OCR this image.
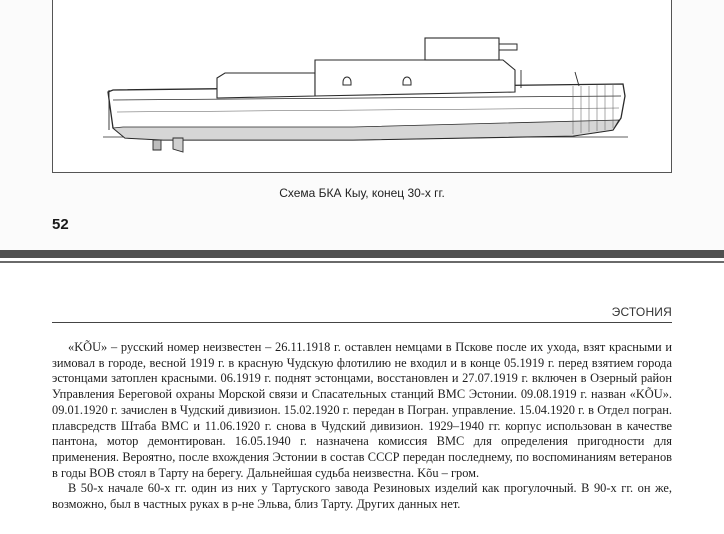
Схема БКА Кыу, конец 30-х гг.
52
ЭСТОНИЯ

«KÕU» – русский номер неизвестен – 26.11.1918 г. оставлен немцами в Пскове после их ухода, взят красными и зимовал в городе, весной 1919 г. в красную Чудскую флотилию не входил и в конце 05.1919 г. перед взятием города эстонцами затоплен красными. 06.1919 г. поднят эстонцами, восстановлен и 27.07.1919 г. включен в Озерный район Управления Береговой охраны Морской связи и Спасательных станций ВМС Эстонии. 09.08.1919 г. назван «KÕU». 09.01.1920 г. зачислен в Чудский дивизион. 15.02.1920 г. передан в Погран. управление. 15.04.1920 г. в Отдел погран. плавсредств Штаба ВМС и 11.06.1920 г. снова в Чудский дивизион. 1929–1940 гг. корпус использован в качестве пантона, мотор демонтирован. 16.05.1940 г. назначена комиссия ВМС для определения пригодности для применения. Вероятно, после вхождения Эстонии в состав СССР передан последнему, по воспоминаниям ветеранов в годы ВОВ стоял в Тарту на берегу. Дальнейшая судьба неизвестна. Kõu – гром.

В 50-х начале 60-х гг. один из них у Тартуского завода Резиновых изделий как прогулочный. В 90-х гг. он же, возможно, был в частных руках в р-не Эльва, близ Тарту. Других данных нет.
